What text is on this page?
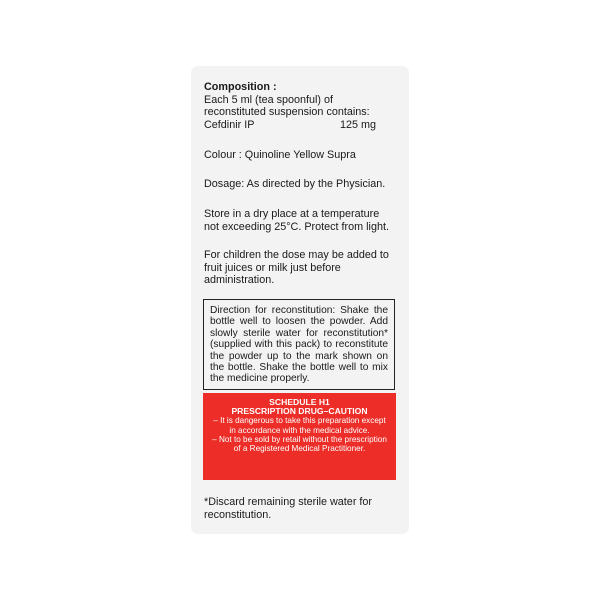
Composition :
Each 5 ml (tea spoonful) of
reconstituted suspension contains:
Cefdinir IP	125 mg
Colour : Quinoline Yellow Supra
Dosage: As directed by the Physician.
Store in a dry place at a temperature
not exceeding 25°C. Protect from light.
For children the dose may be added to
fruit juices or milk just before
administration.
Direction for reconstitution: Shake the bottle well to loosen the powder. Add slowly sterile water for reconstitution* (supplied with this pack) to reconstitute the powder up to the mark shown on the bottle. Shake the bottle well to mix the medicine properly.
SCHEDULE H1
PRESCRIPTION DRUG–CAUTION
– It is dangerous to take this preparation except
in accordance with the medical advice.
– Not to be sold by retail without the prescription
of a Registered Medical Practitioner.
*Discard remaining sterile water for
reconstitution.
